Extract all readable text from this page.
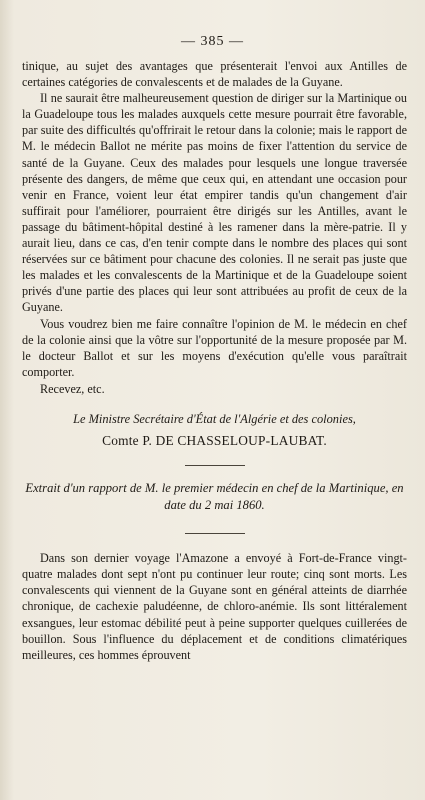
— 385 —

tinique, au sujet des avantages que présenterait l'envoi aux Antilles de certaines catégories de convalescents et de malades de la Guyane.

Il ne saurait être malheureusement question de diriger sur la Martinique ou la Guadeloupe tous les malades auxquels cette mesure pourrait être favorable, par suite des difficultés qu'offrirait le retour dans la colonie; mais le rapport de M. le médecin Ballot ne mérite pas moins de fixer l'attention du service de santé de la Guyane. Ceux des malades pour lesquels une longue traversée présente des dangers, de même que ceux qui, en attendant une occasion pour venir en France, voient leur état empirer tandis qu'un changement d'air suffirait pour l'améliorer, pourraient être dirigés sur les Antilles, avant le passage du bâtiment-hôpital destiné à les ramener dans la mère-patrie. Il y aurait lieu, dans ce cas, d'en tenir compte dans le nombre des places qui sont réservées sur ce bâtiment pour chacune des colonies. Il ne serait pas juste que les malades et les convalescents de la Martinique et de la Guadeloupe soient privés d'une partie des places qui leur sont attribuées au profit de ceux de la Guyane.

Vous voudrez bien me faire connaître l'opinion de M. le médecin en chef de la colonie ainsi que la vôtre sur l'opportunité de la mesure proposée par M. le docteur Ballot et sur les moyens d'exécution qu'elle vous paraîtrait comporter.

Recevez, etc.

Le Ministre Secrétaire d'État de l'Algérie et des colonies,

Comte P. DE CHASSELOUP-LAUBAT.

Extrait d'un rapport de M. le premier médecin en chef de la Martinique, en date du 2 mai 1860.

Dans son dernier voyage l'Amazone a envoyé à Fort-de-France vingt-quatre malades dont sept n'ont pu continuer leur route; cinq sont morts. Les convalescents qui viennent de la Guyane sont en général atteints de diarrhée chronique, de cachexie paludéenne, de chloro-anémie. Ils sont littéralement exsangues, leur estomac débilité peut à peine supporter quelques cuillerées de bouillon. Sous l'influence du déplacement et de conditions climatériques meilleures, ces hommes éprouvent
